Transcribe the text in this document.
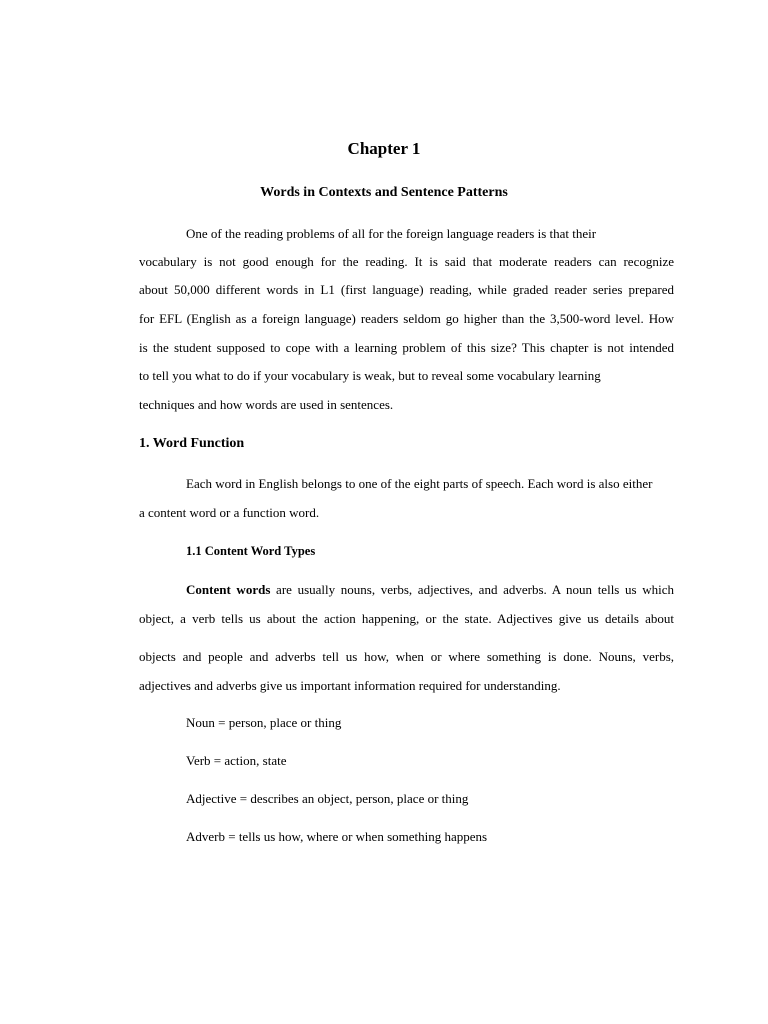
Chapter 1
Words in Contexts and Sentence Patterns
One of the reading problems of all for the foreign language readers is that their
vocabulary is not good enough for the reading. It is said that moderate readers can recognize
about 50,000 different words in L1 (first language) reading, while graded reader series prepared
for EFL (English as a foreign language) readers seldom go higher than the 3,500-word level. How
is the student supposed to cope with a learning problem of this size? This chapter is not intended
to tell you what to do if your vocabulary is weak, but to reveal some vocabulary learning
techniques and how words are used in sentences.
1. Word Function
Each word in English belongs to one of the eight parts of speech. Each word is also either
a content word or a function word.
1.1 Content Word Types
Content words are usually nouns, verbs, adjectives, and adverbs. A noun tells us which
object, a verb tells us about the action happening, or the state. Adjectives give us details about
objects and people and adverbs tell us how, when or where something is done. Nouns, verbs,
adjectives and adverbs give us important information required for understanding.
Noun = person, place or thing
Verb = action, state
Adjective = describes an object, person, place or thing
Adverb = tells us how, where or when something happens
